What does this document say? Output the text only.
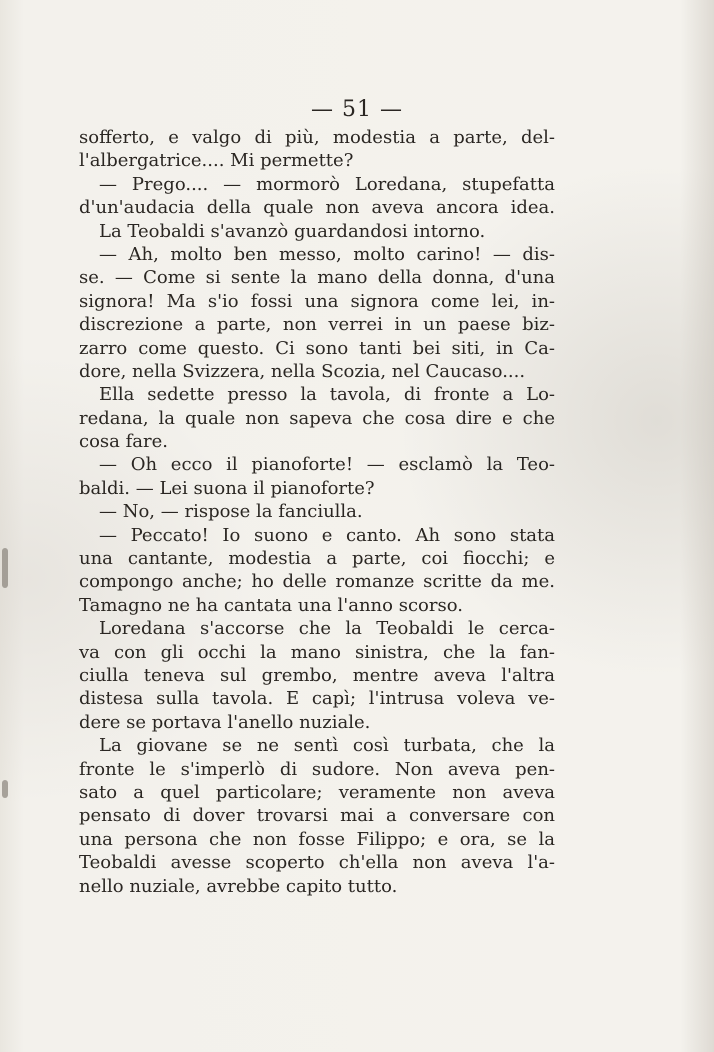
— 51 —
sofferto, e valgo di più, modestia a parte, del-
l'albergatrice.... Mi permette?
— Prego.... — mormorò Loredana, stupefatta
d'un'audacia della quale non aveva ancora idea.
La Teobaldi s'avanzò guardandosi intorno.
— Ah, molto ben messo, molto carino! — dis-
se. — Come si sente la mano della donna, d'una
signora! Ma s'io fossi una signora come lei, in-
discrezione a parte, non verrei in un paese biz-
zarro come questo. Ci sono tanti bei siti, in Ca-
dore, nella Svizzera, nella Scozia, nel Caucaso....
Ella sedette presso la tavola, di fronte a Lo-
redana, la quale non sapeva che cosa dire e che
cosa fare.
— Oh ecco il pianoforte! — esclamò la Teo-
baldi. — Lei suona il pianoforte?
— No, — rispose la fanciulla.
— Peccato! Io suono e canto. Ah sono stata
una cantante, modestia a parte, coi fiocchi; e
compongo anche; ho delle romanze scritte da me.
Tamagno ne ha cantata una l'anno scorso.
Loredana s'accorse che la Teobaldi le cerca-
va con gli occhi la mano sinistra, che la fan-
ciulla teneva sul grembo, mentre aveva l'altra
distesa sulla tavola. E capì; l'intrusa voleva ve-
dere se portava l'anello nuziale.
La giovane se ne sentì così turbata, che la
fronte le s'imperlò di sudore. Non aveva pen-
sato a quel particolare; veramente non aveva
pensato di dover trovarsi mai a conversare con
una persona che non fosse Filippo; e ora, se la
Teobaldi avesse scoperto ch'ella non aveva l'a-
nello nuziale, avrebbe capito tutto.
